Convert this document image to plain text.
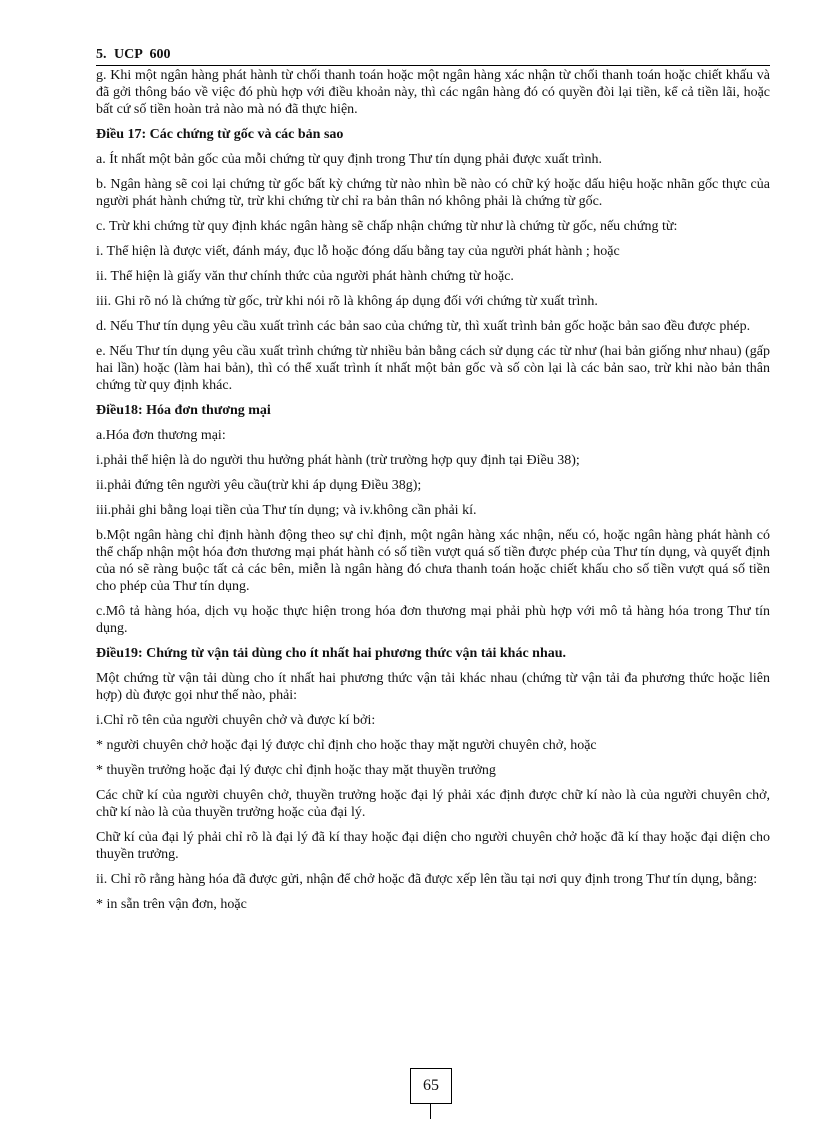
5. UCP 600

g. Khi một ngân hàng phát hành từ chối thanh toán hoặc một ngân hàng xác nhận từ chối thanh toán hoặc chiết khấu và đã gởi thông báo về việc đó phù hợp với điều khoản này, thì các ngân hàng đó có quyền đòi lại tiền, kể cả tiền lãi, hoặc bất cứ số tiền hoàn trả nào mà nó đã thực hiện.

Điều 17: Các chứng từ gốc và các bản sao

a. Ít nhất một bản gốc của mỗi chứng từ quy định trong Thư tín dụng phải được xuất trình.

b. Ngân hàng sẽ coi lại chứng từ gốc bất kỳ chứng từ nào nhìn bề nào có chữ ký hoặc dấu hiệu hoặc nhãn gốc thực của người phát hành chứng từ, trừ khi chứng từ chỉ ra bản thân nó không phải là chứng từ gốc.

c. Trừ khi chứng từ quy định khác ngân hàng sẽ chấp nhận chứng từ như là chứng từ gốc, nếu chứng từ:

i. Thể hiện là được viết, đánh máy, đục lỗ hoặc đóng dấu bằng tay của người phát hành ; hoặc

ii. Thể hiện là giấy văn thư chính thức của người phát hành chứng từ hoặc.

iii. Ghi rõ nó là chứng từ gốc, trừ khi nói rõ là không áp dụng đối với chứng từ xuất trình.

d. Nếu Thư tín dụng yêu cầu xuất trình các bản sao của chứng từ, thì xuất trình bản gốc hoặc bản sao đều được phép.

e. Nếu Thư tín dụng yêu cầu xuất trình chứng từ nhiều bản bằng cách sử dụng các từ như (hai bản giống như nhau) (gấp hai lần) hoặc (làm hai bản), thì có thể xuất trình ít nhất một bản gốc và số còn lại là các bản sao, trừ khi nào bản thân chứng từ quy định khác.

Điều18: Hóa đơn thương mại

a.Hóa đơn thương mại:

i.phải thể hiện là do người thu hưởng phát hành (trừ trường hợp quy định tại Điều 38);

ii.phải đứng tên người yêu cầu(trừ khi áp dụng Điều 38g);

iii.phải ghi bằng loại tiền của Thư tín dụng; và iv.không cần phải kí.

b.Một ngân hàng chỉ định hành động theo sự chỉ định, một ngân hàng xác nhận, nếu có, hoặc ngân hàng phát hành có thể chấp nhận một hóa đơn thương mại phát hành có số tiền vượt quá số tiền được phép của Thư tín dụng, và quyết định của nó sẽ ràng buộc tất cả các bên, miễn là ngân hàng đó chưa thanh toán hoặc chiết khấu cho số tiền vượt quá số tiền cho phép của Thư tín dụng.

c.Mô tả hàng hóa, dịch vụ hoặc thực hiện trong hóa đơn thương mại phải phù hợp với mô tả hàng hóa trong Thư tín dụng.

Điều19: Chứng từ vận tải dùng cho ít nhất hai phương thức vận tải khác nhau.

Một chứng từ vận tải dùng cho ít nhất hai phương thức vận tải khác nhau (chứng từ vận tải đa phương thức hoặc liên hợp) dù được gọi như thế nào, phải:

i.Chỉ rõ tên của người chuyên chở và được kí bởi:

* người chuyên chở hoặc đại lý được chỉ định cho hoặc thay mặt người chuyên chở, hoặc

* thuyền trưởng hoặc đại lý được chỉ định hoặc thay mặt thuyền trưởng

Các chữ kí của người chuyên chở, thuyền trưởng hoặc đại lý phải xác định được chữ kí nào là của người chuyên chở, chữ kí nào là của thuyền trưởng hoặc của đại lý.

Chữ kí của đại lý phải chỉ rõ là đại lý đã kí thay hoặc đại diện cho người chuyên chở hoặc đã kí thay hoặc đại diện cho thuyền trưởng.

ii. Chỉ rõ rằng hàng hóa đã được gửi, nhận để chở hoặc đã được xếp lên tầu tại nơi quy định trong Thư tín dụng, bằng:

* in sẵn trên vận đơn, hoặc

65
